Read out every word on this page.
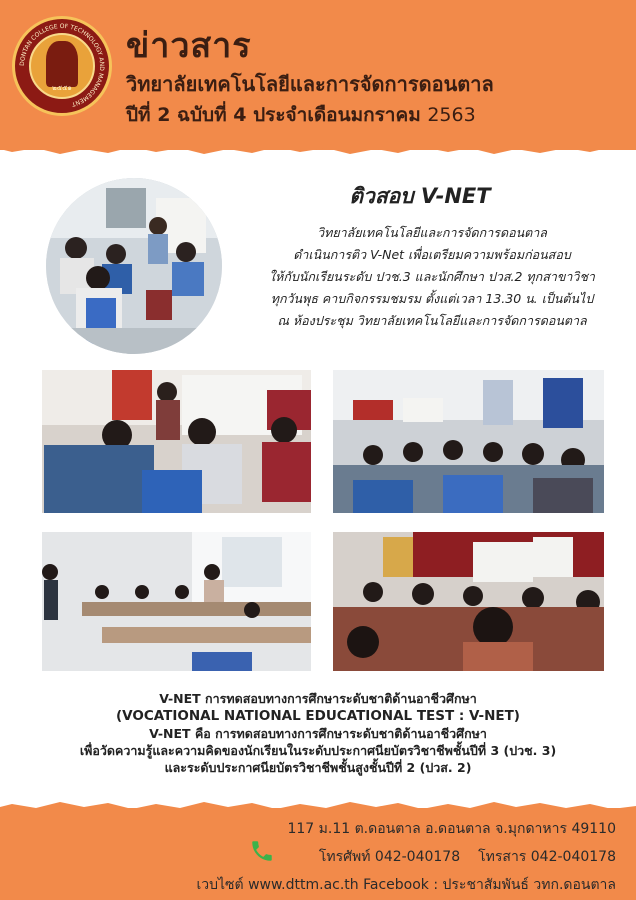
DONTAN COLLEGE OF TECHNOLOGY AND MANAGEMENT
๒๕๕๑
ข่าวสาร
วิทยาลัยเทคโนโลยีและการจัดการดอนตาล
ปีที่ 2 ฉบับที่ 4 ประจำเดือนมกราคม 2563
ติวสอบ V-NET
วิทยาลัยเทคโนโลยีและการจัดการดอนตาล
ดำเนินการติว V-Net เพื่อเตรียมความพร้อมก่อนสอบ
ให้กับนักเรียนระดับ ปวช.3 และนักศึกษา ปวส.2 ทุกสาขาวิชา
ทุกวันพุธ คาบกิจกรรมชมรม ตั้งแต่เวลา 13.30 น. เป็นต้นไป
ณ ห้องประชุม วิทยาลัยเทคโนโลยีและการจัดการดอนตาล
V-NET การทดสอบทางการศึกษาระดับชาติด้านอาชีวศึกษา
(VOCATIONAL NATIONAL EDUCATIONAL TEST : V-NET)
V-NET คือ การทดสอบทางการศึกษาระดับชาติด้านอาชีวศึกษา
เพื่อวัดความรู้และความคิดของนักเรียนในระดับประกาศนียบัตรวิชาชีพชั้นปีที่ 3 (ปวช. 3)
และระดับประกาศนียบัตรวิชาชีพชั้นสูงชั้นปีที่ 2 (ปวส. 2)
117 ม.11 ต.ดอนตาล อ.ดอนตาล จ.มุกดาหาร 49110
โทรศัพท์ 042-040178 โทรสาร 042-040178
เวบไซต์ www.dttm.ac.th Facebook : ประชาสัมพันธ์ วทก.ดอนตาล
